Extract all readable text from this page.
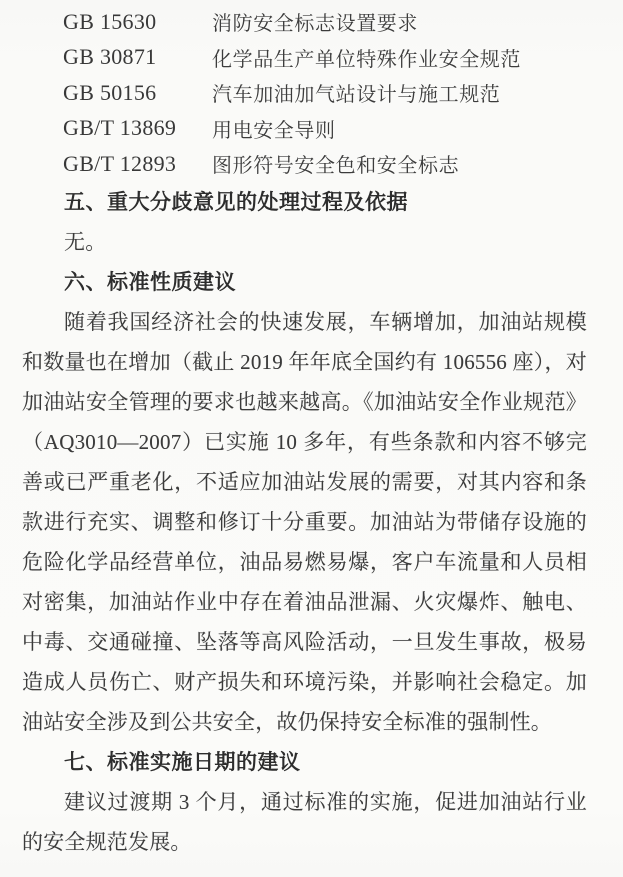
GB 15630	消防安全标志设置要求
GB 30871	化学品生产单位特殊作业安全规范
GB 50156	汽车加油加气站设计与施工规范
GB/T 13869	用电安全导则
GB/T 12893	图形符号安全色和安全标志
五、重大分歧意见的处理过程及依据

无。

六、标准性质建议

随着我国经济社会的快速发展，车辆增加，加油站规模和数量也在增加（截止 2019 年年底全国约有 106556 座），对加油站安全管理的要求也越来越高。《加油站安全作业规范》（AQ3010—2007）已实施 10 多年，有些条款和内容不够完善或已严重老化，不适应加油站发展的需要，对其内容和条款进行充实、调整和修订十分重要。加油站为带储存设施的危险化学品经营单位，油品易燃易爆，客户车流量和人员相对密集，加油站作业中存在着油品泄漏、火灾爆炸、触电、中毒、交通碰撞、坠落等高风险活动，一旦发生事故，极易造成人员伤亡、财产损失和环境污染，并影响社会稳定。加油站安全涉及到公共安全，故仍保持安全标准的强制性。

七、标准实施日期的建议

建议过渡期 3 个月，通过标准的实施，促进加油站行业的安全规范发展。
